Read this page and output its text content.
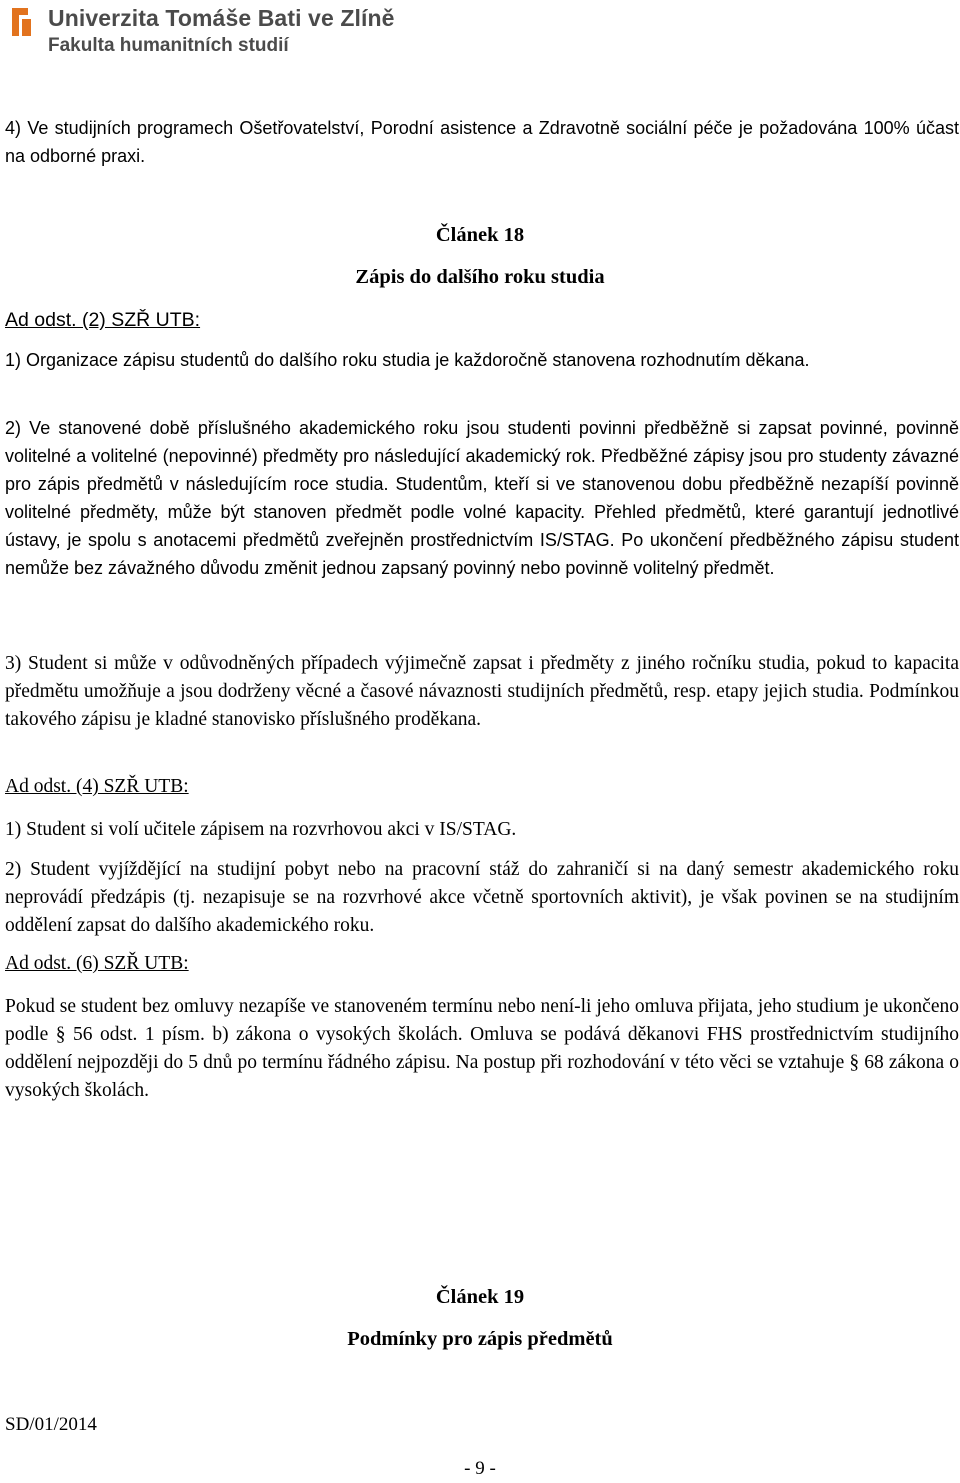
Univerzita Tomáše Bati ve Zlíně
Fakulta humanitních studií

4) Ve studijních programech Ošetřovatelství, Porodní asistence a Zdravotně sociální péče je požadována 100% účast na odborné praxi.

Článek 18

Zápis do dalšího roku studia

Ad odst. (2) SZŘ UTB:

1) Organizace zápisu studentů do dalšího roku studia je každoročně stanovena rozhodnutím děkana.

2) Ve stanovené době příslušného akademického roku jsou studenti povinni předběžně si zapsat povinné, povinně volitelné a volitelné (nepovinné) předměty pro následující akademický rok. Předběžné zápisy jsou pro studenty závazné pro zápis předmětů v následujícím roce studia. Studentům, kteří si ve stanovenou dobu předběžně nezapíší povinně volitelné předměty, může být stanoven předmět podle volné kapacity. Přehled předmětů, které garantují jednotlivé ústavy, je spolu s anotacemi předmětů zveřejněn prostřednictvím IS/STAG. Po ukončení předběžného zápisu student nemůže bez závažného důvodu změnit jednou zapsaný povinný nebo povinně volitelný předmět.

3) Student si může v odůvodněných případech výjimečně zapsat i předměty z jiného ročníku studia, pokud to kapacita předmětu umožňuje a jsou dodrženy věcné a časové návaznosti studijních předmětů, resp. etapy jejich studia. Podmínkou takového zápisu je kladné stanovisko příslušného proděkana.

Ad odst. (4) SZŘ UTB:

1) Student si volí učitele zápisem na rozvrhovou akci v IS/STAG.

2) Student vyjíždějící na studijní pobyt nebo na pracovní stáž do zahraničí si na daný semestr akademického roku neprovádí předzápis (tj. nezapisuje se na rozvrhové akce včetně sportovních aktivit), je však povinen se na studijním oddělení zapsat do dalšího akademického roku.

Ad odst. (6) SZŘ UTB:

Pokud se student bez omluvy nezapíše ve stanoveném termínu nebo není-li jeho omluva přijata, jeho studium je ukončeno podle § 56 odst. 1 písm. b) zákona o vysokých školách. Omluva se podává děkanovi FHS prostřednictvím studijního oddělení nejpozději do 5 dnů po termínu řádného zápisu. Na postup při rozhodování v této věci se vztahuje § 68 zákona o vysokých školách.

Článek 19

Podmínky pro zápis předmětů

SD/01/2014
- 9 -
